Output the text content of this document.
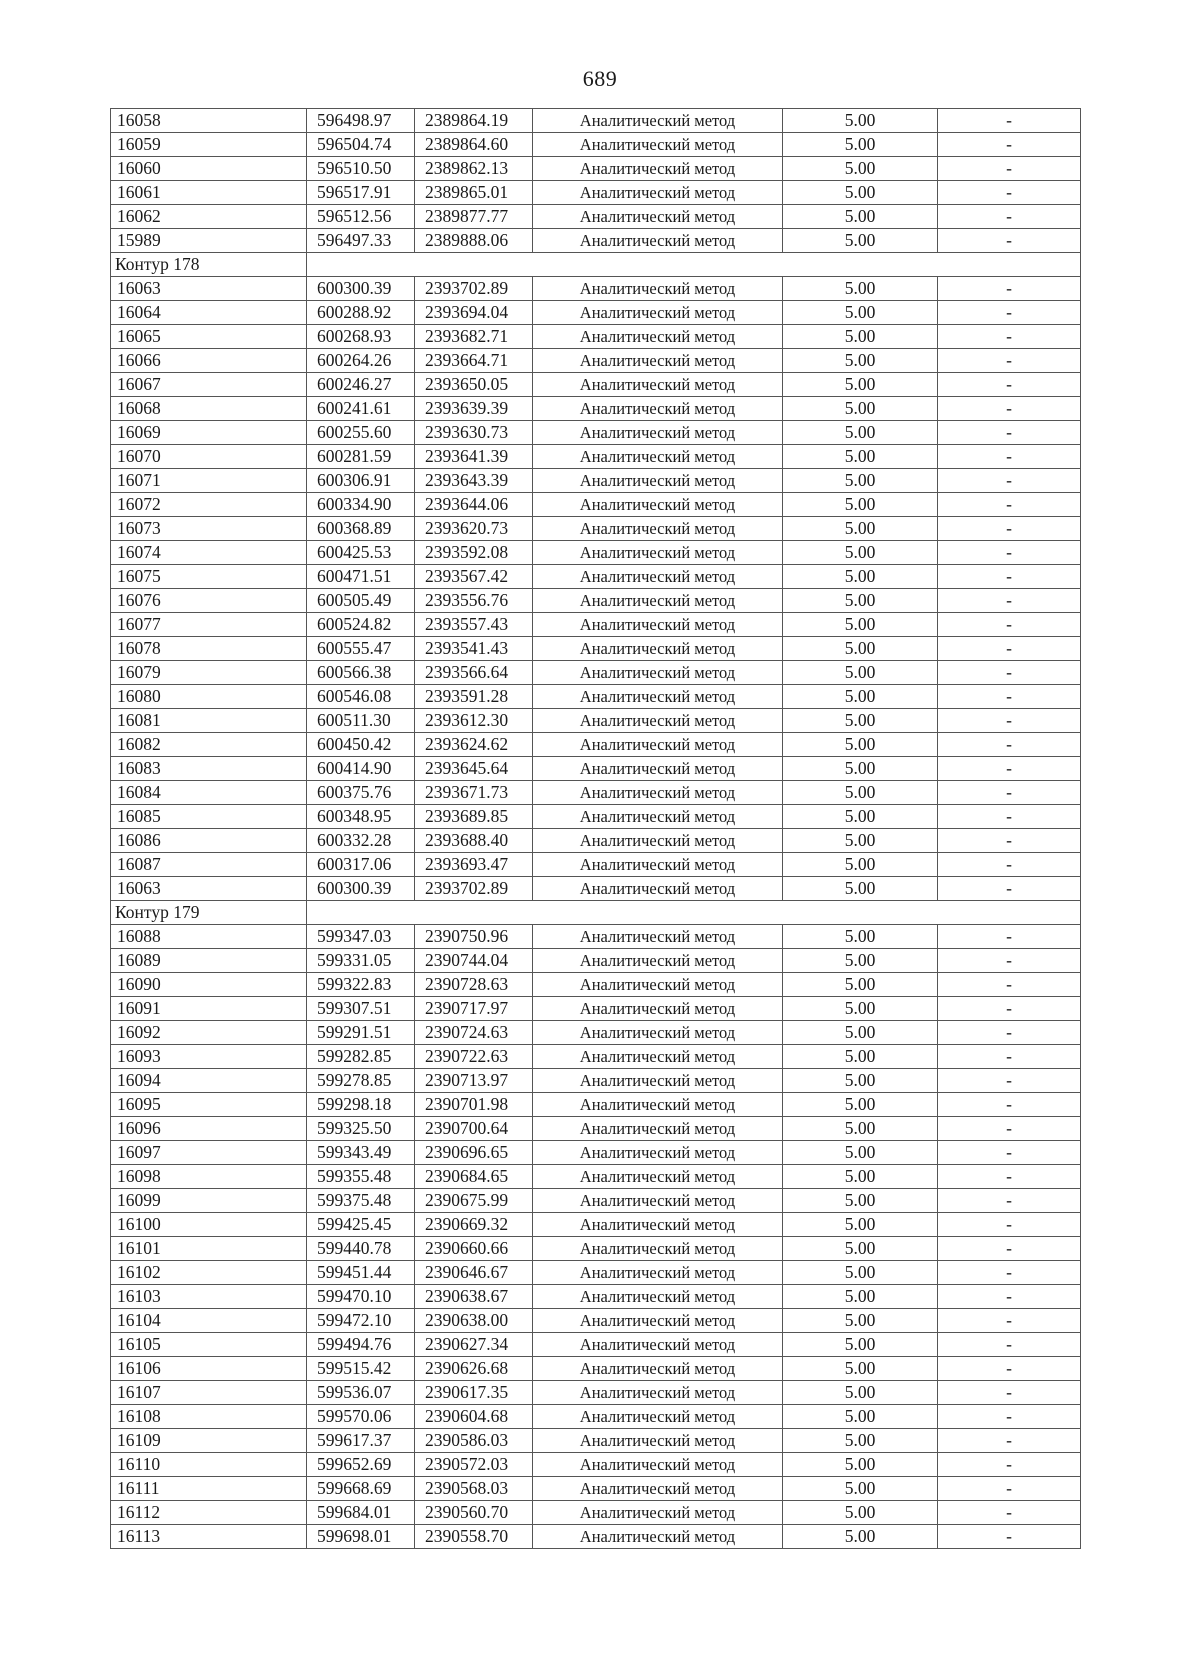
689
16058	596498.97	2389864.19	Аналитический метод	5.00	-
16059	596504.74	2389864.60	Аналитический метод	5.00	-
16060	596510.50	2389862.13	Аналитический метод	5.00	-
16061	596517.91	2389865.01	Аналитический метод	5.00	-
16062	596512.56	2389877.77	Аналитический метод	5.00	-
15989	596497.33	2389888.06	Аналитический метод	5.00	-
Контур 178					
16063	600300.39	2393702.89	Аналитический метод	5.00	-
16064	600288.92	2393694.04	Аналитический метод	5.00	-
16065	600268.93	2393682.71	Аналитический метод	5.00	-
16066	600264.26	2393664.71	Аналитический метод	5.00	-
16067	600246.27	2393650.05	Аналитический метод	5.00	-
16068	600241.61	2393639.39	Аналитический метод	5.00	-
16069	600255.60	2393630.73	Аналитический метод	5.00	-
16070	600281.59	2393641.39	Аналитический метод	5.00	-
16071	600306.91	2393643.39	Аналитический метод	5.00	-
16072	600334.90	2393644.06	Аналитический метод	5.00	-
16073	600368.89	2393620.73	Аналитический метод	5.00	-
16074	600425.53	2393592.08	Аналитический метод	5.00	-
16075	600471.51	2393567.42	Аналитический метод	5.00	-
16076	600505.49	2393556.76	Аналитический метод	5.00	-
16077	600524.82	2393557.43	Аналитический метод	5.00	-
16078	600555.47	2393541.43	Аналитический метод	5.00	-
16079	600566.38	2393566.64	Аналитический метод	5.00	-
16080	600546.08	2393591.28	Аналитический метод	5.00	-
16081	600511.30	2393612.30	Аналитический метод	5.00	-
16082	600450.42	2393624.62	Аналитический метод	5.00	-
16083	600414.90	2393645.64	Аналитический метод	5.00	-
16084	600375.76	2393671.73	Аналитический метод	5.00	-
16085	600348.95	2393689.85	Аналитический метод	5.00	-
16086	600332.28	2393688.40	Аналитический метод	5.00	-
16087	600317.06	2393693.47	Аналитический метод	5.00	-
16063	600300.39	2393702.89	Аналитический метод	5.00	-
Контур 179					
16088	599347.03	2390750.96	Аналитический метод	5.00	-
16089	599331.05	2390744.04	Аналитический метод	5.00	-
16090	599322.83	2390728.63	Аналитический метод	5.00	-
16091	599307.51	2390717.97	Аналитический метод	5.00	-
16092	599291.51	2390724.63	Аналитический метод	5.00	-
16093	599282.85	2390722.63	Аналитический метод	5.00	-
16094	599278.85	2390713.97	Аналитический метод	5.00	-
16095	599298.18	2390701.98	Аналитический метод	5.00	-
16096	599325.50	2390700.64	Аналитический метод	5.00	-
16097	599343.49	2390696.65	Аналитический метод	5.00	-
16098	599355.48	2390684.65	Аналитический метод	5.00	-
16099	599375.48	2390675.99	Аналитический метод	5.00	-
16100	599425.45	2390669.32	Аналитический метод	5.00	-
16101	599440.78	2390660.66	Аналитический метод	5.00	-
16102	599451.44	2390646.67	Аналитический метод	5.00	-
16103	599470.10	2390638.67	Аналитический метод	5.00	-
16104	599472.10	2390638.00	Аналитический метод	5.00	-
16105	599494.76	2390627.34	Аналитический метод	5.00	-
16106	599515.42	2390626.68	Аналитический метод	5.00	-
16107	599536.07	2390617.35	Аналитический метод	5.00	-
16108	599570.06	2390604.68	Аналитический метод	5.00	-
16109	599617.37	2390586.03	Аналитический метод	5.00	-
16110	599652.69	2390572.03	Аналитический метод	5.00	-
16111	599668.69	2390568.03	Аналитический метод	5.00	-
16112	599684.01	2390560.70	Аналитический метод	5.00	-
16113	599698.01	2390558.70	Аналитический метод	5.00	-
